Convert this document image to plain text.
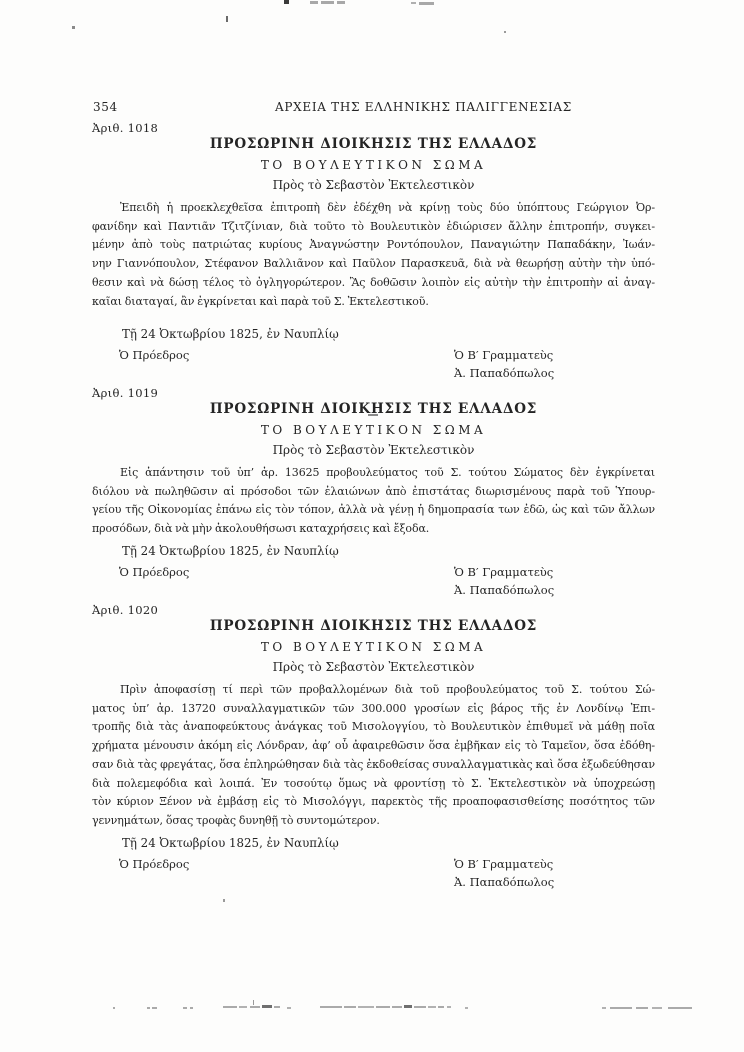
354	ΑΡΧΕΙΑ ΤΗΣ ΕΛΛΗΝΙΚΗΣ ΠΑΛΙΓΓΕΝΕΣΙΑΣ
Ἀριθ. 1018
ΠΡΟΣΩΡΙΝΗ ΔΙΟΙΚΗΣΙΣ ΤΗΣ ΕΛΛΑΔΟΣ
ΤΟ ΒΟΥΛΕΥΤΙΚΟΝ ΣΩΜΑ
Πρὸς τὸ Σεβαστὸν Ἐκτελεστικὸν
Ἐπειδὴ ἡ προεκλεχθεῖσα ἐπιτροπὴ δὲν ἐδέχθη νὰ κρίνῃ τοὺς δύο ὑπόπτους Γεώργιον Ὀρ-
φανίδην καὶ Παντιᾶν Τζιτζίνιαν, διὰ τοῦτο τὸ Βουλευτικὸν ἐδιώρισεν ἄλλην ἐπιτροπήν, συγκει-
μένην ἀπὸ τοὺς πατριώτας κυρίους Ἀναγνώστην Ροντόπουλον, Παναγιώτην Παπαδάκην, Ἰωάν-
νην Γιαννόπουλον, Στέφανον Βαλλιᾶνον καὶ Παῦλον Παρασκευᾶ, διὰ νὰ θεωρήσῃ αὐτὴν τὴν ὑπό-
θεσιν καὶ νὰ δώσῃ τέλος τὸ ὀγληγορώτερον. Ἂς δοθῶσιν λοιπὸν εἰς αὐτὴν τὴν ἐπιτροπὴν αἱ ἀναγ-
καῖαι διαταγαί, ἂν ἐγκρίνεται καὶ παρὰ τοῦ Σ. Ἐκτελεστικοῦ.
Τῇ 24 Ὀκτωβρίου 1825, ἐν Ναυπλίῳ
Ὁ Πρόεδρος	Ὁ Β′ Γραμματεὺς
Ἀ. Παπαδόπωλος
Ἀριθ. 1019
ΠΡΟΣΩΡΙΝΗ ΔΙΟΙΚΗΣΙΣ ΤΗΣ ΕΛΛΑΔΟΣ
ΤΟ ΒΟΥΛΕΥΤΙΚΟΝ ΣΩΜΑ
Πρὸς τὸ Σεβαστὸν Ἐκτελεστικὸν
Εἰς ἀπάντησιν τοῦ ὑπ’ ἀρ. 13625 προβουλεύματος τοῦ Σ. τούτου Σώματος δὲν ἐγκρίνεται
διόλου νὰ πωληθῶσιν αἱ πρόσοδοι τῶν ἐλαιώνων ἀπὸ ἐπιστάτας διωρισμένους παρὰ τοῦ Ὑπουρ-
γείου τῆς Οἰκονομίας ἐπάνω εἰς τὸν τόπον, ἀλλὰ νὰ γένῃ ἡ δημοπρασία των ἐδῶ, ὡς καὶ τῶν ἄλλων
προσόδων, διὰ νὰ μὴν ἀκολουθήσωσι καταχρήσεις καὶ ἔξοδα.
Τῇ 24 Ὀκτωβρίου 1825, ἐν Ναυπλίῳ
Ὁ Πρόεδρος	Ὁ Β′ Γραμματεὺς
Ἀ. Παπαδόπωλος
Ἀριθ. 1020
ΠΡΟΣΩΡΙΝΗ ΔΙΟΙΚΗΣΙΣ ΤΗΣ ΕΛΛΑΔΟΣ
ΤΟ ΒΟΥΛΕΥΤΙΚΟΝ ΣΩΜΑ
Πρὸς τὸ Σεβαστὸν Ἐκτελεστικὸν
Πρὶν ἀποφασίσῃ τί περὶ τῶν προβαλλομένων διὰ τοῦ προβουλεύματος τοῦ Σ. τούτου Σώ-
ματος ὑπ’ ἀρ. 13720 συναλλαγματικῶν τῶν 300.000 γροσίων εἰς βάρος τῆς ἐν Λονδίνῳ Ἐπι-
τροπῆς διὰ τὰς ἀναποφεύκτους ἀνάγκας τοῦ Μισολογγίου, τὸ Βουλευτικὸν ἐπιθυμεῖ νὰ μάθῃ ποῖα
χρήματα μένουσιν ἀκόμη εἰς Λόνδραν, ἀφ’ οὗ ἀφαιρεθῶσιν ὅσα ἐμβῆκαν εἰς τὸ Ταμεῖον, ὅσα ἐδόθη-
σαν διὰ τὰς φρεγάτας, ὅσα ἐπληρώθησαν διὰ τὰς ἐκδοθείσας συναλλαγματικὰς καὶ ὅσα ἐξωδεύθησαν
διὰ πολεμεφόδια καὶ λοιπά. Ἐν τοσούτῳ ὅμως νὰ φροντίσῃ τὸ Σ. Ἐκτελεστικὸν νὰ ὑποχρεώσῃ
τὸν κύριον Ξένον νὰ ἐμβάσῃ εἰς τὸ Μισολόγγι, παρεκτὸς τῆς προαποφασισθείσης ποσότητος τῶν
γεννημάτων, ὅσας τροφὰς δυνηθῇ τὸ συντομώτερον.
Τῇ 24 Ὀκτωβρίου 1825, ἐν Ναυπλίῳ
Ὁ Πρόεδρος	Ὁ Β′ Γραμματεὺς
Ἀ. Παπαδόπωλος
